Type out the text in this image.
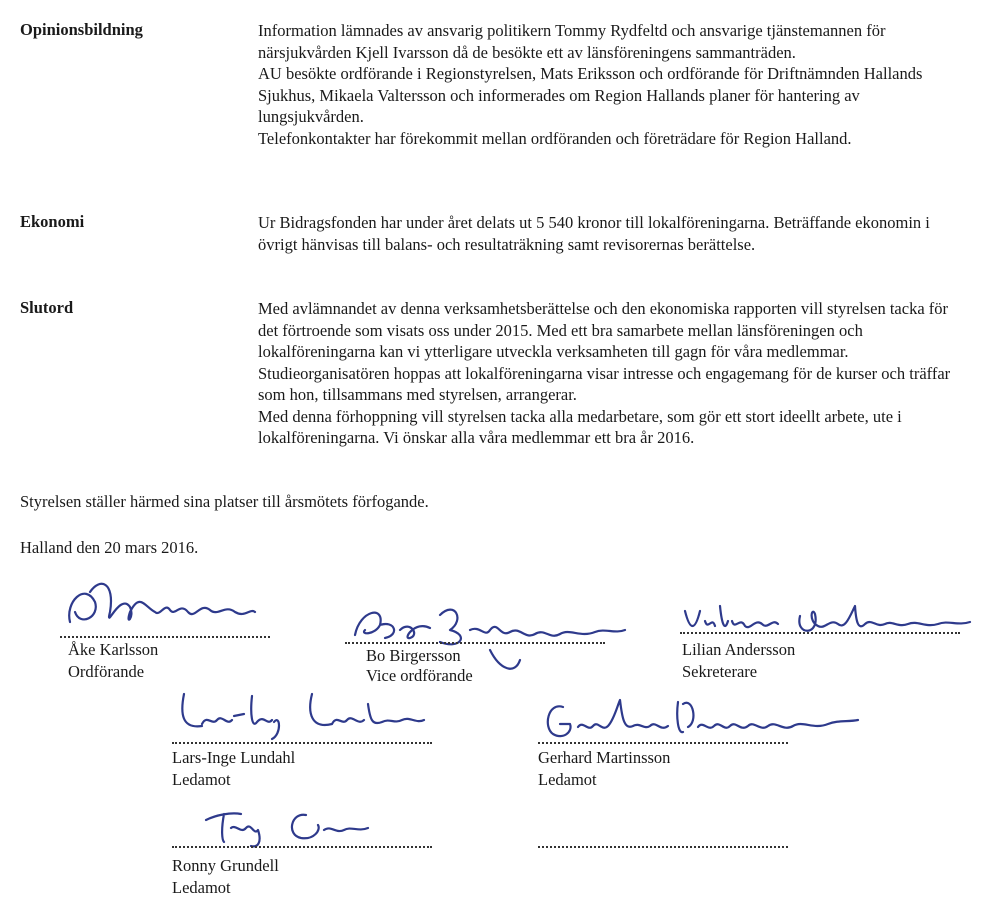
Opinionsbildning	Information lämnades av ansvarig politikern Tommy Rydfeltd och ansvarige tjänstemannen för närsjukvården Kjell Ivarsson då de besökte ett av länsföreningens sammanträden.

AU besökte ordförande i Regionstyrelsen, Mats Eriksson och ordförande för Driftnämnden Hallands Sjukhus, Mikaela Valtersson och informerades om Region Hallands planer för hantering av lungsjukvården.

Telefonkontakter har förekommit mellan ordföranden och företrädare för Region Halland.

Ekonomi	Ur Bidragsfonden har under året delats ut 5 540 kronor till lokalföreningarna. Beträffande ekonomin i övrigt hänvisas till balans- och resultaträkning samt revisorernas berättelse.

Slutord	Med avlämnandet av denna verksamhetsberättelse och den ekonomiska rapporten vill styrelsen tacka för det förtroende som visats oss under 2015. Med ett bra samarbete mellan länsföreningen och lokalföreningarna kan vi ytterligare utveckla verksamheten till gagn för våra medlemmar. Studieorganisatören hoppas att lokalföreningarna visar intresse och engagemang för de kurser och träffar som hon, tillsammans med styrelsen, arrangerar.

Med denna förhoppning vill styrelsen tacka alla medarbetare, som gör ett stort ideellt arbete, ute i lokalföreningarna. Vi önskar alla våra medlemmar ett bra år 2016.

Styrelsen ställer härmed sina platser till årsmötets förfogande.
Halland den 20 mars 2016.
Åke Karlsson
Ordförande
Bo Birgersson
Vice ordförande
Lilian Andersson
Sekreterare
Lars-Inge Lundahl
Ledamot
Gerhard Martinsson
Ledamot
Ronny Grundell
Ledamot
